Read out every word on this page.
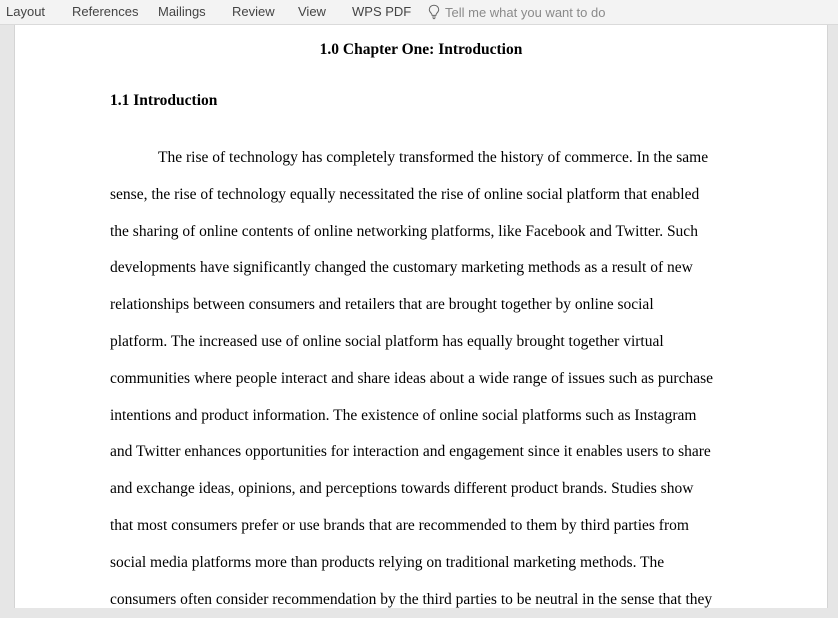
Layout References Mailings Review View WPS PDF	Tell me what you want to do
1.0 Chapter One: Introduction
1.1 Introduction

The rise of technology has completely transformed the history of commerce. In the same
sense, the rise of technology equally necessitated the rise of online social platform that enabled
the sharing of online contents of online networking platforms, like Facebook and Twitter. Such
developments have significantly changed the customary marketing methods as a result of new
relationships between consumers and retailers that are brought together by online social
platform. The increased use of online social platform has equally brought together virtual
communities where people interact and share ideas about a wide range of issues such as purchase
intentions and product information. The existence of online social platforms such as Instagram
and Twitter enhances opportunities for interaction and engagement since it enables users to share
and exchange ideas, opinions, and perceptions towards different product brands. Studies show
that most consumers prefer or use brands that are recommended to them by third parties from
social media platforms more than products relying on traditional marketing methods. The
consumers often consider recommendation by the third parties to be neutral in the sense that they
